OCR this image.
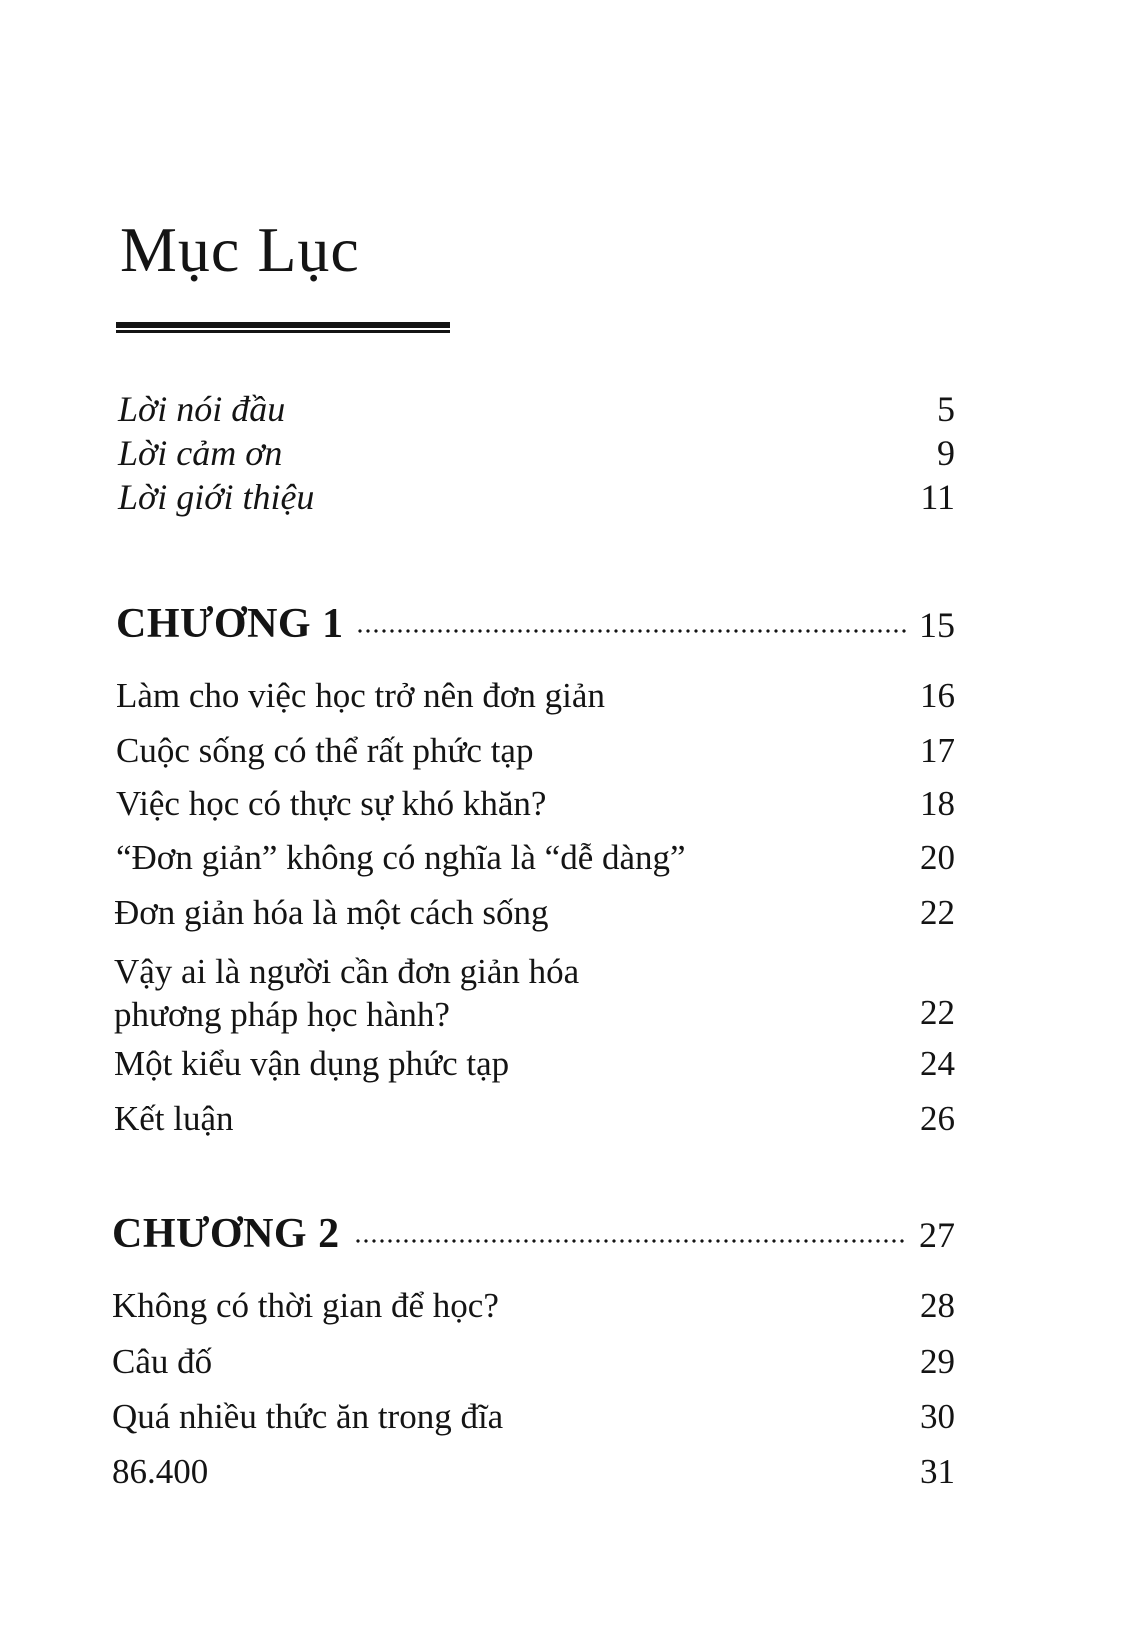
Mục Lục
Lời nói đầu	5
Lời cảm ơn	9
Lời giới thiệu	11
CHƯƠNG 1	15
Làm cho việc học trở nên đơn giản	16
Cuộc sống có thể rất phức tạp	17
Việc học có thực sự khó khăn?	18
“Đơn giản” không có nghĩa là “dễ dàng”	20
Đơn giản hóa là một cách sống	22
Vậy ai là người cần đơn giản hóa
phương pháp học hành?	22
Một kiểu vận dụng phức tạp	24
Kết luận	26
CHƯƠNG 2	27
Không có thời gian để học?	28
Câu đố	29
Quá nhiều thức ăn trong đĩa	30
86.400	31
